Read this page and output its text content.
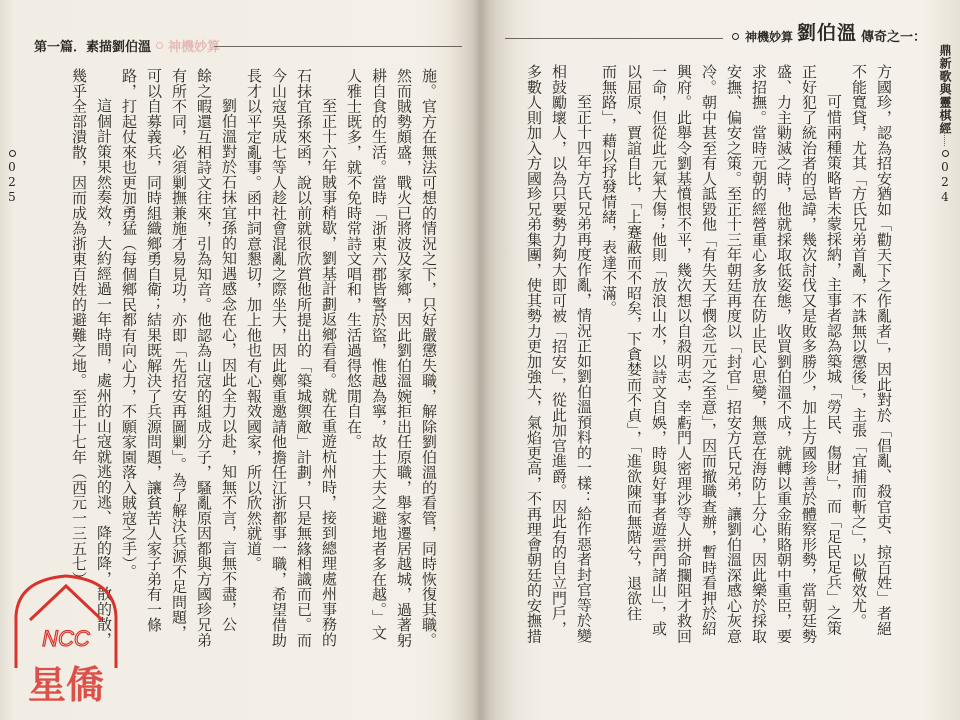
第一篇．素描劉伯溫 神機妙算
025	施。官方在無法可想的情況之下，只好嚴懲失職，解除劉伯溫的看管，同時恢復其職。
然而賊勢頗盛，戰火已將波及家鄉，因此劉伯溫婉拒出任原職，舉家遷居越城，過著躬
耕自食的生活。當時「浙東六郡皆警於盜，惟越為寧，故士大夫之避地者多在越。」文
人雅士既多，就不免時常詩文唱和，生活過得悠閒自在。
至正十六年賊事稍歇，劉基計劃返鄉看看。就在重遊杭州時，接到總理處州事務的
石抹宜孫來函，說以前就很欣賞他所提出的「築城禦敵」計劃，只是無緣相識而已。而
今山寇吳成七等人趁社會混亂之際坐大，因此鄭重邀請他擔任江浙都事一職，希望借助
長才以平定亂事。函中詞意懇切，加上他也有心報效國家，所以欣然就道。
劉伯溫對於石抹宜孫的知遇感念在心，因此全力以赴，知無不言，言無不盡，公
餘之暇還互相詩文往來，引為知音。他認為山寇的組成分子，騷亂原因都與方國珍兄弟
有所不同，必須剿撫兼施才易見功，亦即「先招安再圖剿」。為了解決兵源不足問題，
可以自募義兵，同時組織鄉勇自衛；結果既解決了兵源問題，讓貧苦人家子弟有一條
路，打起仗來也更加勇猛（每個鄉民都有向心力，不願家園落入賊寇之手）。
這個計策果然奏效，大約經過一年時間，處州的山寇就逃的逃、降的降，散的散，
幾乎全部潰散，因而成為浙東百姓的避難之地。至正十七年（西元一三五七）
NCC
星僑
神機妙算 劉伯溫 傳奇之一：
鼎新歌與靈棋經
024
方國珍，認為招安猶如「勸天下之作亂者」，因此對於「倡亂、殺官吏、掠百姓」者絕
不能寬貸，尤其「方氏兄弟首亂，不誅無以懲後」，主張「宜捕而斬之」，以儆效尤。
可惜兩種策略皆未蒙採納，主事者認為築城「勞民、傷財」，而「足民足兵」之策
正好犯了統治者的忌諱，幾次討伐又是敗多勝少，加上方國珍善於體察形勢，當朝廷勢
盛、力主勦滅之時，他就採取低姿態，收買劉伯溫不成，就轉以重金賄賂朝中重臣，要
求招撫。當時元朝的經營重心多放在防止民心思變，無意在海防上分心，因此樂於採取
安撫、偏安之策。至正十三年朝廷再度以「封官」招安方氏兄弟，讓劉伯溫深感心灰意
冷。朝中甚至有人詆毀他「有失天子憫念元元之至意」，因而撤職查辦，暫時看押於紹
興府。此舉令劉基憤恨不平，幾次想以自殺明志，幸虧門人密理沙等人拼命攔阻才救回
一命，但從此元氣大傷；他則「放浪山水，以詩文自娛，時與好事者遊雲門諸山」，或
以屈原、賈誼自比，「上蹇蔽而不昭矣，下貪婪而不貞」，「進欲陳而無階兮，退欲往
而無路」，藉以抒發情緒，表達不滿。
至正十四年方氏兄弟再度作亂，情況正如劉伯溫預料的一樣：給作惡者封官等於變
相鼓勵壞人，以為只要勢力夠大即可被「招安」，從此加官進爵。因此有的自立門戶，
多數人則加入方國珍兄弟集團，使其勢力更加強大，氣焰更高，不再理會朝廷的安撫措
